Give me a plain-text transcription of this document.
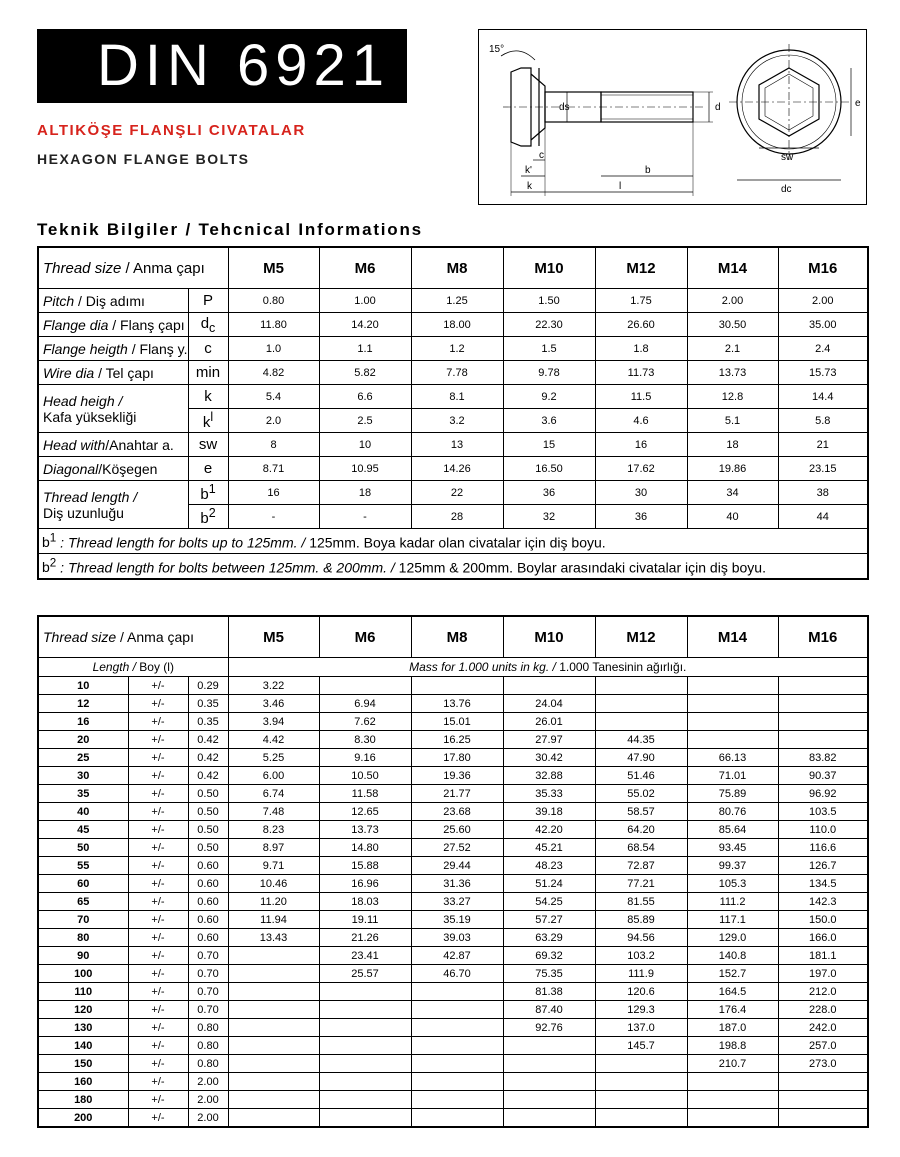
DIN 6921
ALTIKÖŞE FLANŞLI CIVATALAR
HEXAGON FLANGE BOLTS
15°
ds	d
c
k'
k
b
l
sw
dc
e
Teknik Bilgiler / Tehcnical Informations
Thread size / Anma çapı		M5	M6	M8	M10	M12	M14	M16
Pitch / Diş adımı	P	0.80	1.00	1.25	1.50	1.75	2.00	2.00
Flange dia / Flanş çapı	$d_c$	11.80	14.20	18.00	22.30	26.60	30.50	35.00
Flange heigth / Flanş y.	c	1.0	1.1	1.2	1.5	1.8	2.1	2.4
Wire dia / Tel çapı	min	4.82	5.82	7.78	9.78	11.73	13.73	15.73
Head heigh /
Kafa yüksekliği	k	5.4	6.6	8.1	9.2	11.5	12.8	14.4
	$k^l$	2.0	2.5	3.2	3.6	4.6	5.1	5.8
Head with/Anahtar a.	sw	8	10	13	15	16	18	21
Diagonal/Köşegen	e	8.71	10.95	14.26	16.50	17.62	19.86	23.15
Thread length /
Diş uzunluğu	$b^1$	16	18	22	36	30	34	38
	$b^2$	-	-	28	32	36	40	44
$b^1$ : Thread length for bolts up to 125mm. / 125mm. Boya kadar olan civatalar için diş boyu.								
$b^2$ : Thread length for bolts between 125mm. & 200mm. / 125mm & 200mm. Boylar arasındaki civatalar için diş boyu.								
Thread size / Anma çapı			M5	M6	M8	M10	M12	M14	M16
Length / Boy (l)			Mass for 1.000 units in kg. / 1.000 Tanesinin ağırlığı.						
10	+/-	0.29	3.22						
12	+/-	0.35	3.46	6.94	13.76	24.04			
16	+/-	0.35	3.94	7.62	15.01	26.01			
20	+/-	0.42	4.42	8.30	16.25	27.97	44.35		
25	+/-	0.42	5.25	9.16	17.80	30.42	47.90	66.13	83.82
30	+/-	0.42	6.00	10.50	19.36	32.88	51.46	71.01	90.37
35	+/-	0.50	6.74	11.58	21.77	35.33	55.02	75.89	96.92
40	+/-	0.50	7.48	12.65	23.68	39.18	58.57	80.76	103.5
45	+/-	0.50	8.23	13.73	25.60	42.20	64.20	85.64	110.0
50	+/-	0.50	8.97	14.80	27.52	45.21	68.54	93.45	116.6
55	+/-	0.60	9.71	15.88	29.44	48.23	72.87	99.37	126.7
60	+/-	0.60	10.46	16.96	31.36	51.24	77.21	105.3	134.5
65	+/-	0.60	11.20	18.03	33.27	54.25	81.55	111.2	142.3
70	+/-	0.60	11.94	19.11	35.19	57.27	85.89	117.1	150.0
80	+/-	0.60	13.43	21.26	39.03	63.29	94.56	129.0	166.0
90	+/-	0.70		23.41	42.87	69.32	103.2	140.8	181.1
100	+/-	0.70		25.57	46.70	75.35	111.9	152.7	197.0
110	+/-	0.70				81.38	120.6	164.5	212.0
120	+/-	0.70				87.40	129.3	176.4	228.0
130	+/-	0.80				92.76	137.0	187.0	242.0
140	+/-	0.80					145.7	198.8	257.0
150	+/-	0.80						210.7	273.0
160	+/-	2.00							
180	+/-	2.00							
200	+/-	2.00							
